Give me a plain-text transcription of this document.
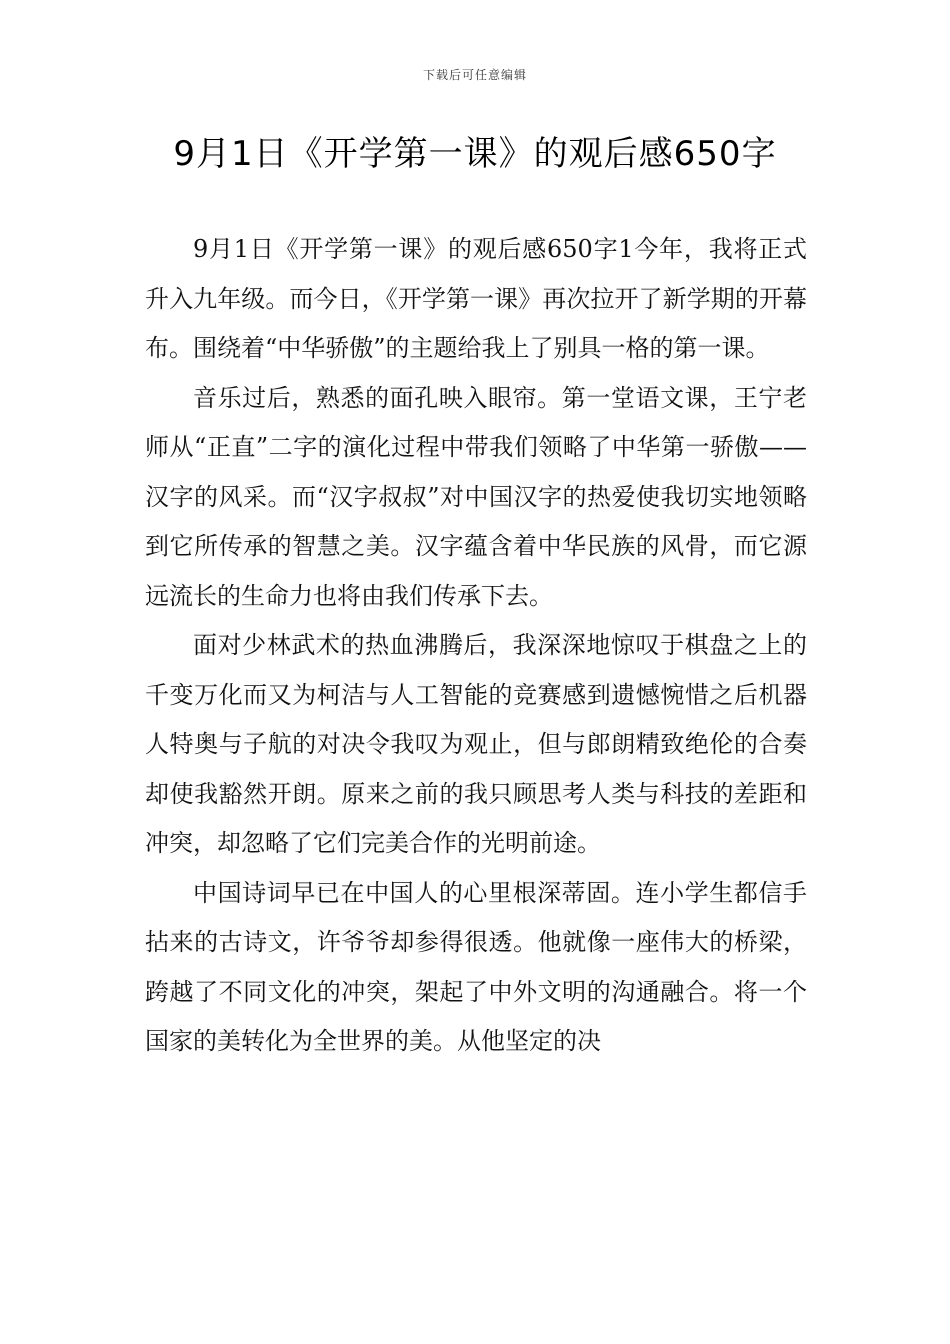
下载后可任意编辑
9月1日《开学第一课》的观后感650字

9月1日《开学第一课》的观后感650字1今年，我将正式升入九年级。而今日，《开学第一课》再次拉开了新学期的开幕布。围绕着“中华骄傲”的主题给我上了别具一格的第一课。

音乐过后，熟悉的面孔映入眼帘。第一堂语文课，王宁老师从“正直”二字的演化过程中带我们领略了中华第一骄傲——汉字的风采。而“汉字叔叔”对中国汉字的热爱使我切实地领略到它所传承的智慧之美。汉字蕴含着中华民族的风骨，而它源远流长的生命力也将由我们传承下去。

面对少林武术的热血沸腾后，我深深地惊叹于棋盘之上的千变万化而又为柯洁与人工智能的竞赛感到遗憾惋惜之后机器人特奥与子航的对决令我叹为观止，但与郎朗精致绝伦的合奏却使我豁然开朗。原来之前的我只顾思考人类与科技的差距和冲突，却忽略了它们完美合作的光明前途。

中国诗词早已在中国人的心里根深蒂固。连小学生都信手拈来的古诗文，许爷爷却参得很透。他就像一座伟大的桥梁，跨越了不同文化的冲突，架起了中外文明的沟通融合。将一个国家的美转化为全世界的美。从他坚定的决
